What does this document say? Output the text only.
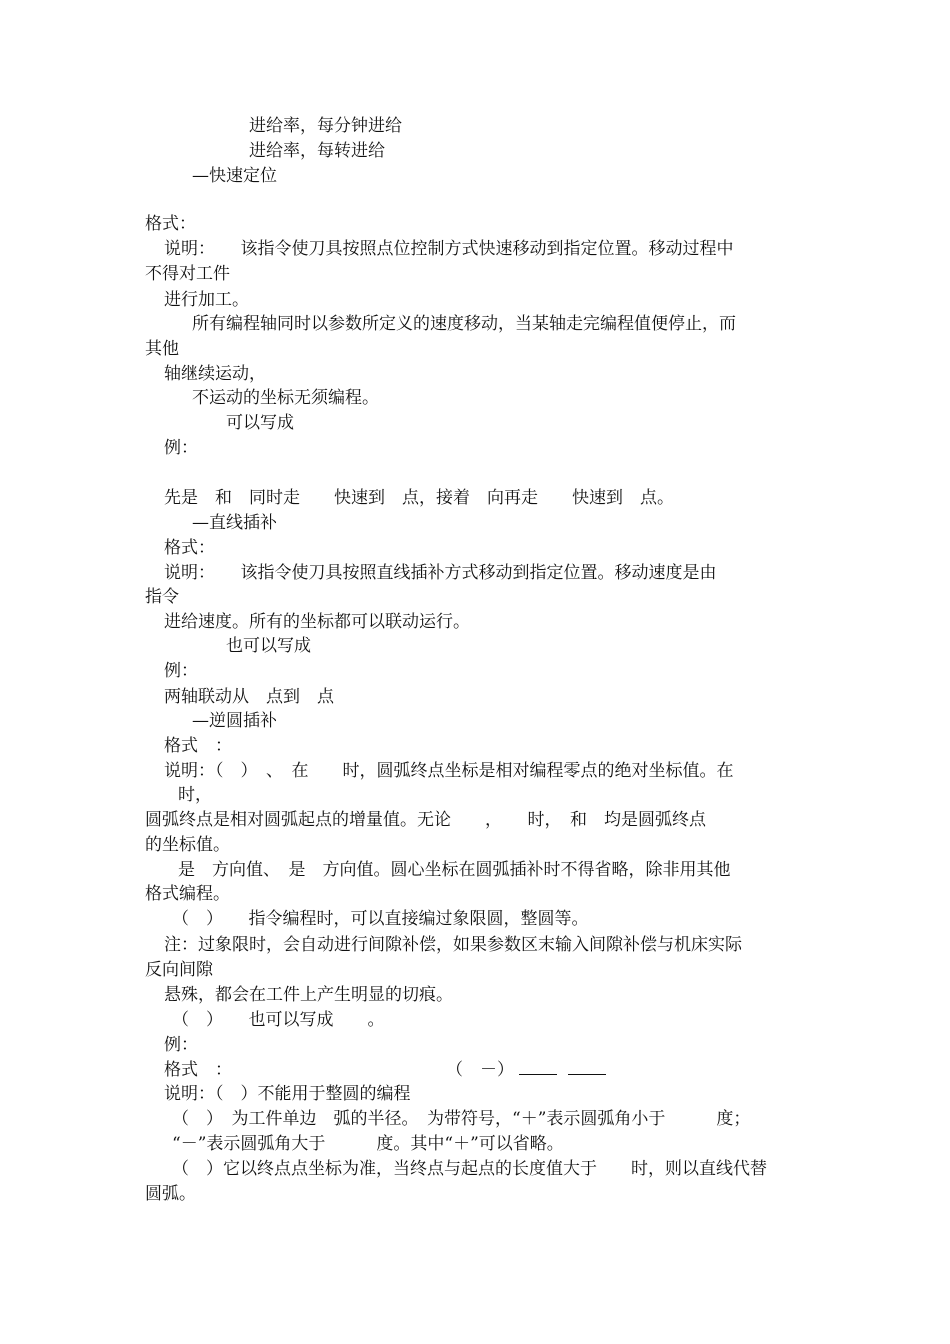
进给率，每分钟进给

进给率，每转进给

—快速定位

格式：

说明：　　该指令使刀具按照点位控制方式快速移动到指定位置。移动过程中

不得对工件

进行加工。

所有编程轴同时以参数所定义的速度移动，当某轴走完编程值便停止，而

其他

轴继续运动，

不运动的坐标无须编程。

可以写成

例：

先是　和　同时走　　快速到　点，接着　向再走　　快速到　点。

—直线插补

格式：

说明：　　该指令使刀具按照直线插补方式移动到指定位置。移动速度是由

指令

进给速度。所有的坐标都可以联动运行。

也可以写成

例：

两轴联动从　点到　点

—逆圆插补

格式　：

说明：（　）　、　在　　时，圆弧终点坐标是相对编程零点的绝对坐标值。在

时，

圆弧终点是相对圆弧起点的增量值。无论　　，　　时，　和　均是圆弧终点

的坐标值。

是　方向值、　是　方向值。圆心坐标在圆弧插补时不得省略，除非用其他

格式编程。

（　）　　指令编程时，可以直接编过象限圆，整圆等。

注：过象限时，会自动进行间隙补偿，如果参数区末输入间隙补偿与机床实际

反向间隙

悬殊，都会在工件上产生明显的切痕。

（　）　　也可以写成　　。

例：

格式　：	（　－）

说明：（　）不能用于整圆的编程

（　）　为工件单边　弧的半径。　为带符号，“＋”表示圆弧角小于　　　度；

“－”表示圆弧角大于　　　度。其中“＋”可以省略。

（　）它以终点点坐标为准，当终点与起点的长度值大于　　时，则以直线代替

圆弧。
